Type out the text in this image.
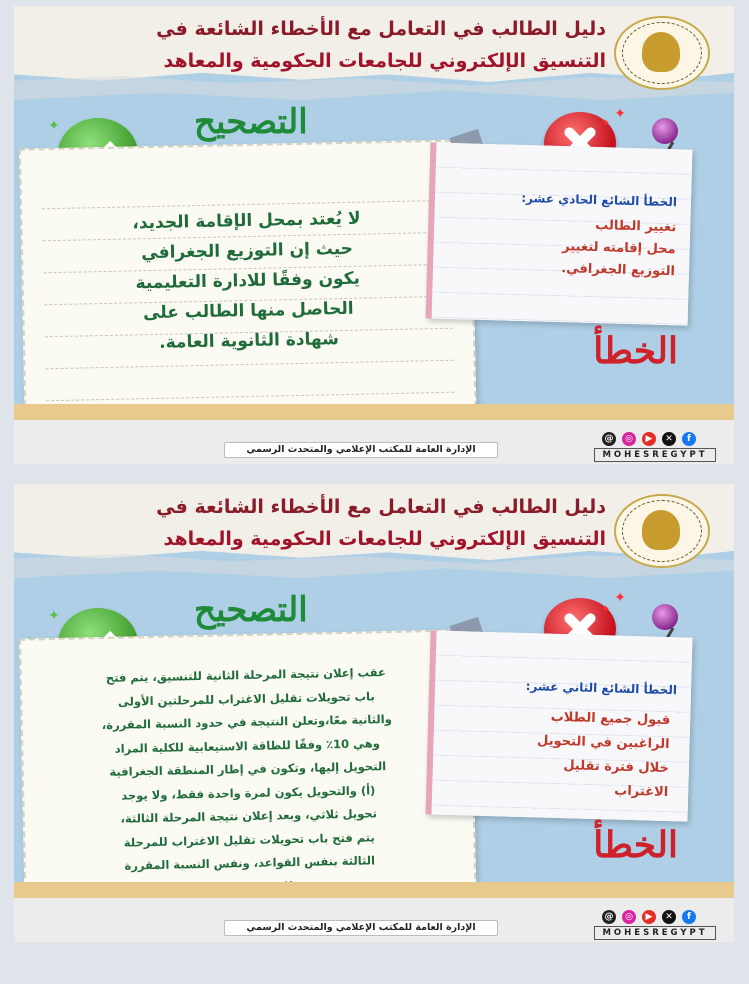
دليل الطالب في التعامل مع الأخطاء الشائعة في
التنسيق الإلكتروني للجامعات الحكومية والمعاهد
التصحيح
✦
لا يُعتد بمحل الإقامة الجديد،
حيث إن التوزيع الجغرافي
يكون وفقًا للادارة التعليمية
الحاصل منها الطالب على
شهادة الثانوية العامة.
✦
✦
الخطأ الشائع الحادي عشر:
تغيير الطالب
محل إقامته لتغيير
التوزيع الجغرافي.
الخطأ
@ ◎ ▶ ✕ f
الإدارة العامة للمكتب الإعلامي والمتحدث الرسمي	MOHESREGYPT
دليل الطالب في التعامل مع الأخطاء الشائعة في
التنسيق الإلكتروني للجامعات الحكومية والمعاهد
التصحيح
✦
عقب إعلان نتيجة المرحلة الثانية للتنسيق، يتم فتح
باب تحويلات تقليل الاغتراب للمرحلتين الأولى
والثانية معًا،وتعلن النتيجة في حدود النسبة المقررة،
وهي 10٪ وفقًا للطاقة الاستيعابية للكلية المراد
التحويل إليها، وتكون في إطار المنطقة الجغرافية
(أ) والتحويل يكون لمرة واحدة فقط، ولا يوجد
تحويل ثلاثي، وبعد إعلان نتيجة المرحلة الثالثة،
يتم فتح باب تحويلات تقليل الاغتراب للمرحلة
الثالثة بنفس القواعد، ونفس النسبة المقررة
✦
✦
الخطأ الشائع الثاني عشر:
قبول جميع الطلاب
الراغبين في التحويل
خلال فترة تقليل
الاغتراب
الخطأ
@ ◎ ▶ ✕ f
الإدارة العامة للمكتب الإعلامي والمتحدث الرسمي	MOHESREGYPT
